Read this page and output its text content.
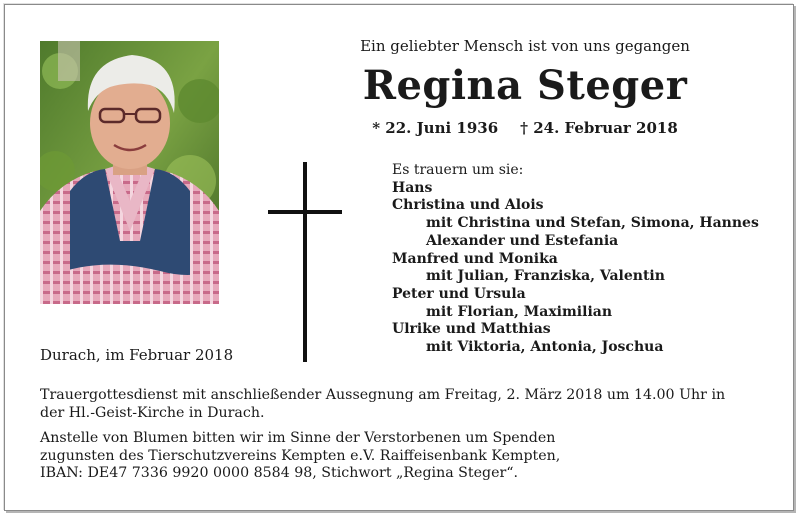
Ein geliebter Mensch ist von uns gegangen
Regina Steger
* 22. Juni 1936 † 24. Februar 2018
Es trauern um sie:
Hans
Christina und Alois
mit Christina und Stefan, Simona, Hannes
Alexander und Estefania
Manfred und Monika
mit Julian, Franziska, Valentin
Peter und Ursula
mit Florian, Maximilian
Ulrike und Matthias
mit Viktoria, Antonia, Joschua
Durach, im Februar 2018
Trauergottesdienst mit anschließender Aussegnung am Freitag, 2. März 2018 um 14.00 Uhr in
der Hl.-Geist-Kirche in Durach.
Anstelle von Blumen bitten wir im Sinne der Verstorbenen um Spenden
zugunsten des Tierschutzvereins Kempten e.V. Raiffeisenbank Kempten,
IBAN: DE47 7336 9920 0000 8584 98, Stichwort „Regina Steger“.
